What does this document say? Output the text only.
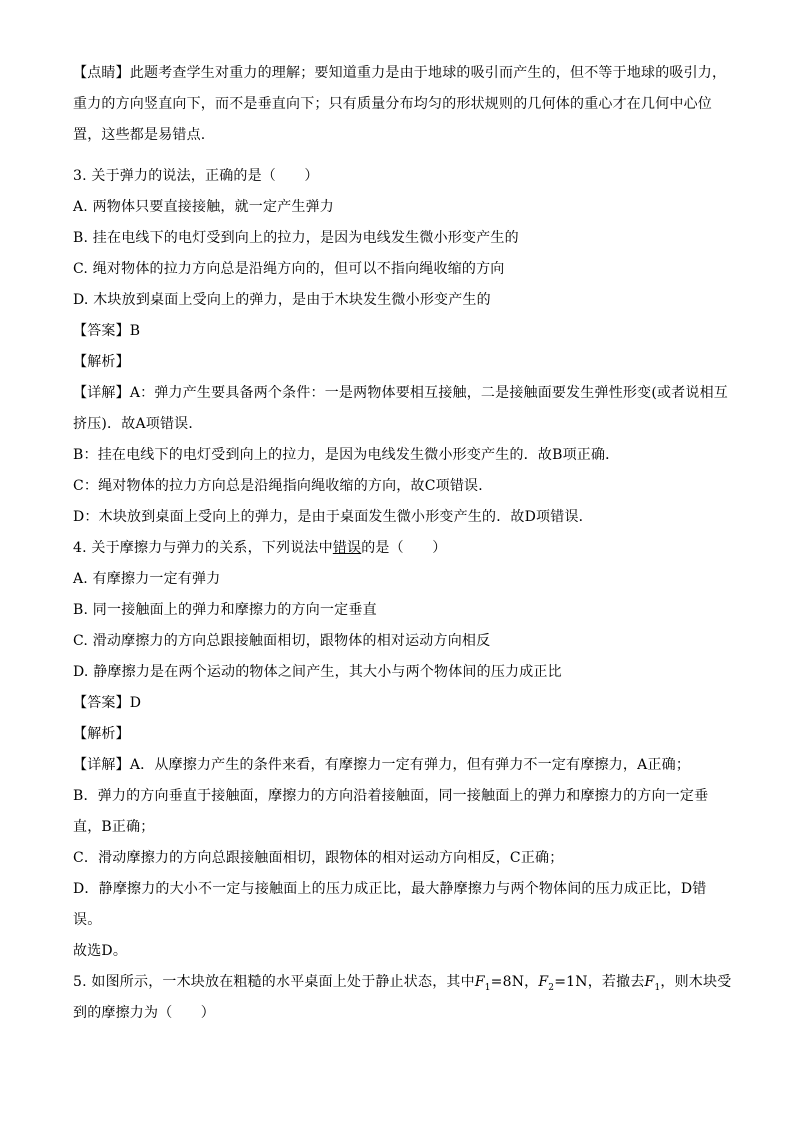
【点睛】此题考查学生对重力的理解；要知道重力是由于地球的吸引而产生的，但不等于地球的吸引力，重力的方向竖直向下，而不是垂直向下；只有质量分布均匀的形状规则的几何体的重心才在几何中心位置，这些都是易错点.

3. 关于弹力的说法，正确的是（　　）

A. 两物体只要直接接触，就一定产生弹力

B. 挂在电线下的电灯受到向上的拉力，是因为电线发生微小形变产生的

C. 绳对物体的拉力方向总是沿绳方向的，但可以不指向绳收缩的方向

D. 木块放到桌面上受向上的弹力，是由于木块发生微小形变产生的

【答案】B

【解析】

【详解】A：弹力产生要具备两个条件：一是两物体要相互接触，二是接触面要发生弹性形变(或者说相互挤压)．故A项错误．

B：挂在电线下的电灯受到向上的拉力，是因为电线发生微小形变产生的．故B项正确．

C：绳对物体的拉力方向总是沿绳指向绳收缩的方向，故C项错误．

D：木块放到桌面上受向上的弹力，是由于桌面发生微小形变产生的．故D项错误．

4. 关于摩擦力与弹力的关系，下列说法中错误的是（　　）

A. 有摩擦力一定有弹力

B. 同一接触面上的弹力和摩擦力的方向一定垂直

C. 滑动摩擦力的方向总跟接触面相切，跟物体的相对运动方向相反

D. 静摩擦力是在两个运动的物体之间产生，其大小与两个物体间的压力成正比

【答案】D

【解析】

【详解】A．从摩擦力产生的条件来看，有摩擦力一定有弹力，但有弹力不一定有摩擦力，A正确；

B．弹力的方向垂直于接触面，摩擦力的方向沿着接触面，同一接触面上的弹力和摩擦力的方向一定垂直，B正确；

C．滑动摩擦力的方向总跟接触面相切，跟物体的相对运动方向相反，C正确；

D．静摩擦力的大小不一定与接触面上的压力成正比，最大静摩擦力与两个物体间的压力成正比，D错误。

故选D。

5. 如图所示，一木块放在粗糙的水平桌面上处于静止状态，其中$F_1=8N$，$F_2=1N$，若撤去$F_1$，则木块受到的摩擦力为（　　）
